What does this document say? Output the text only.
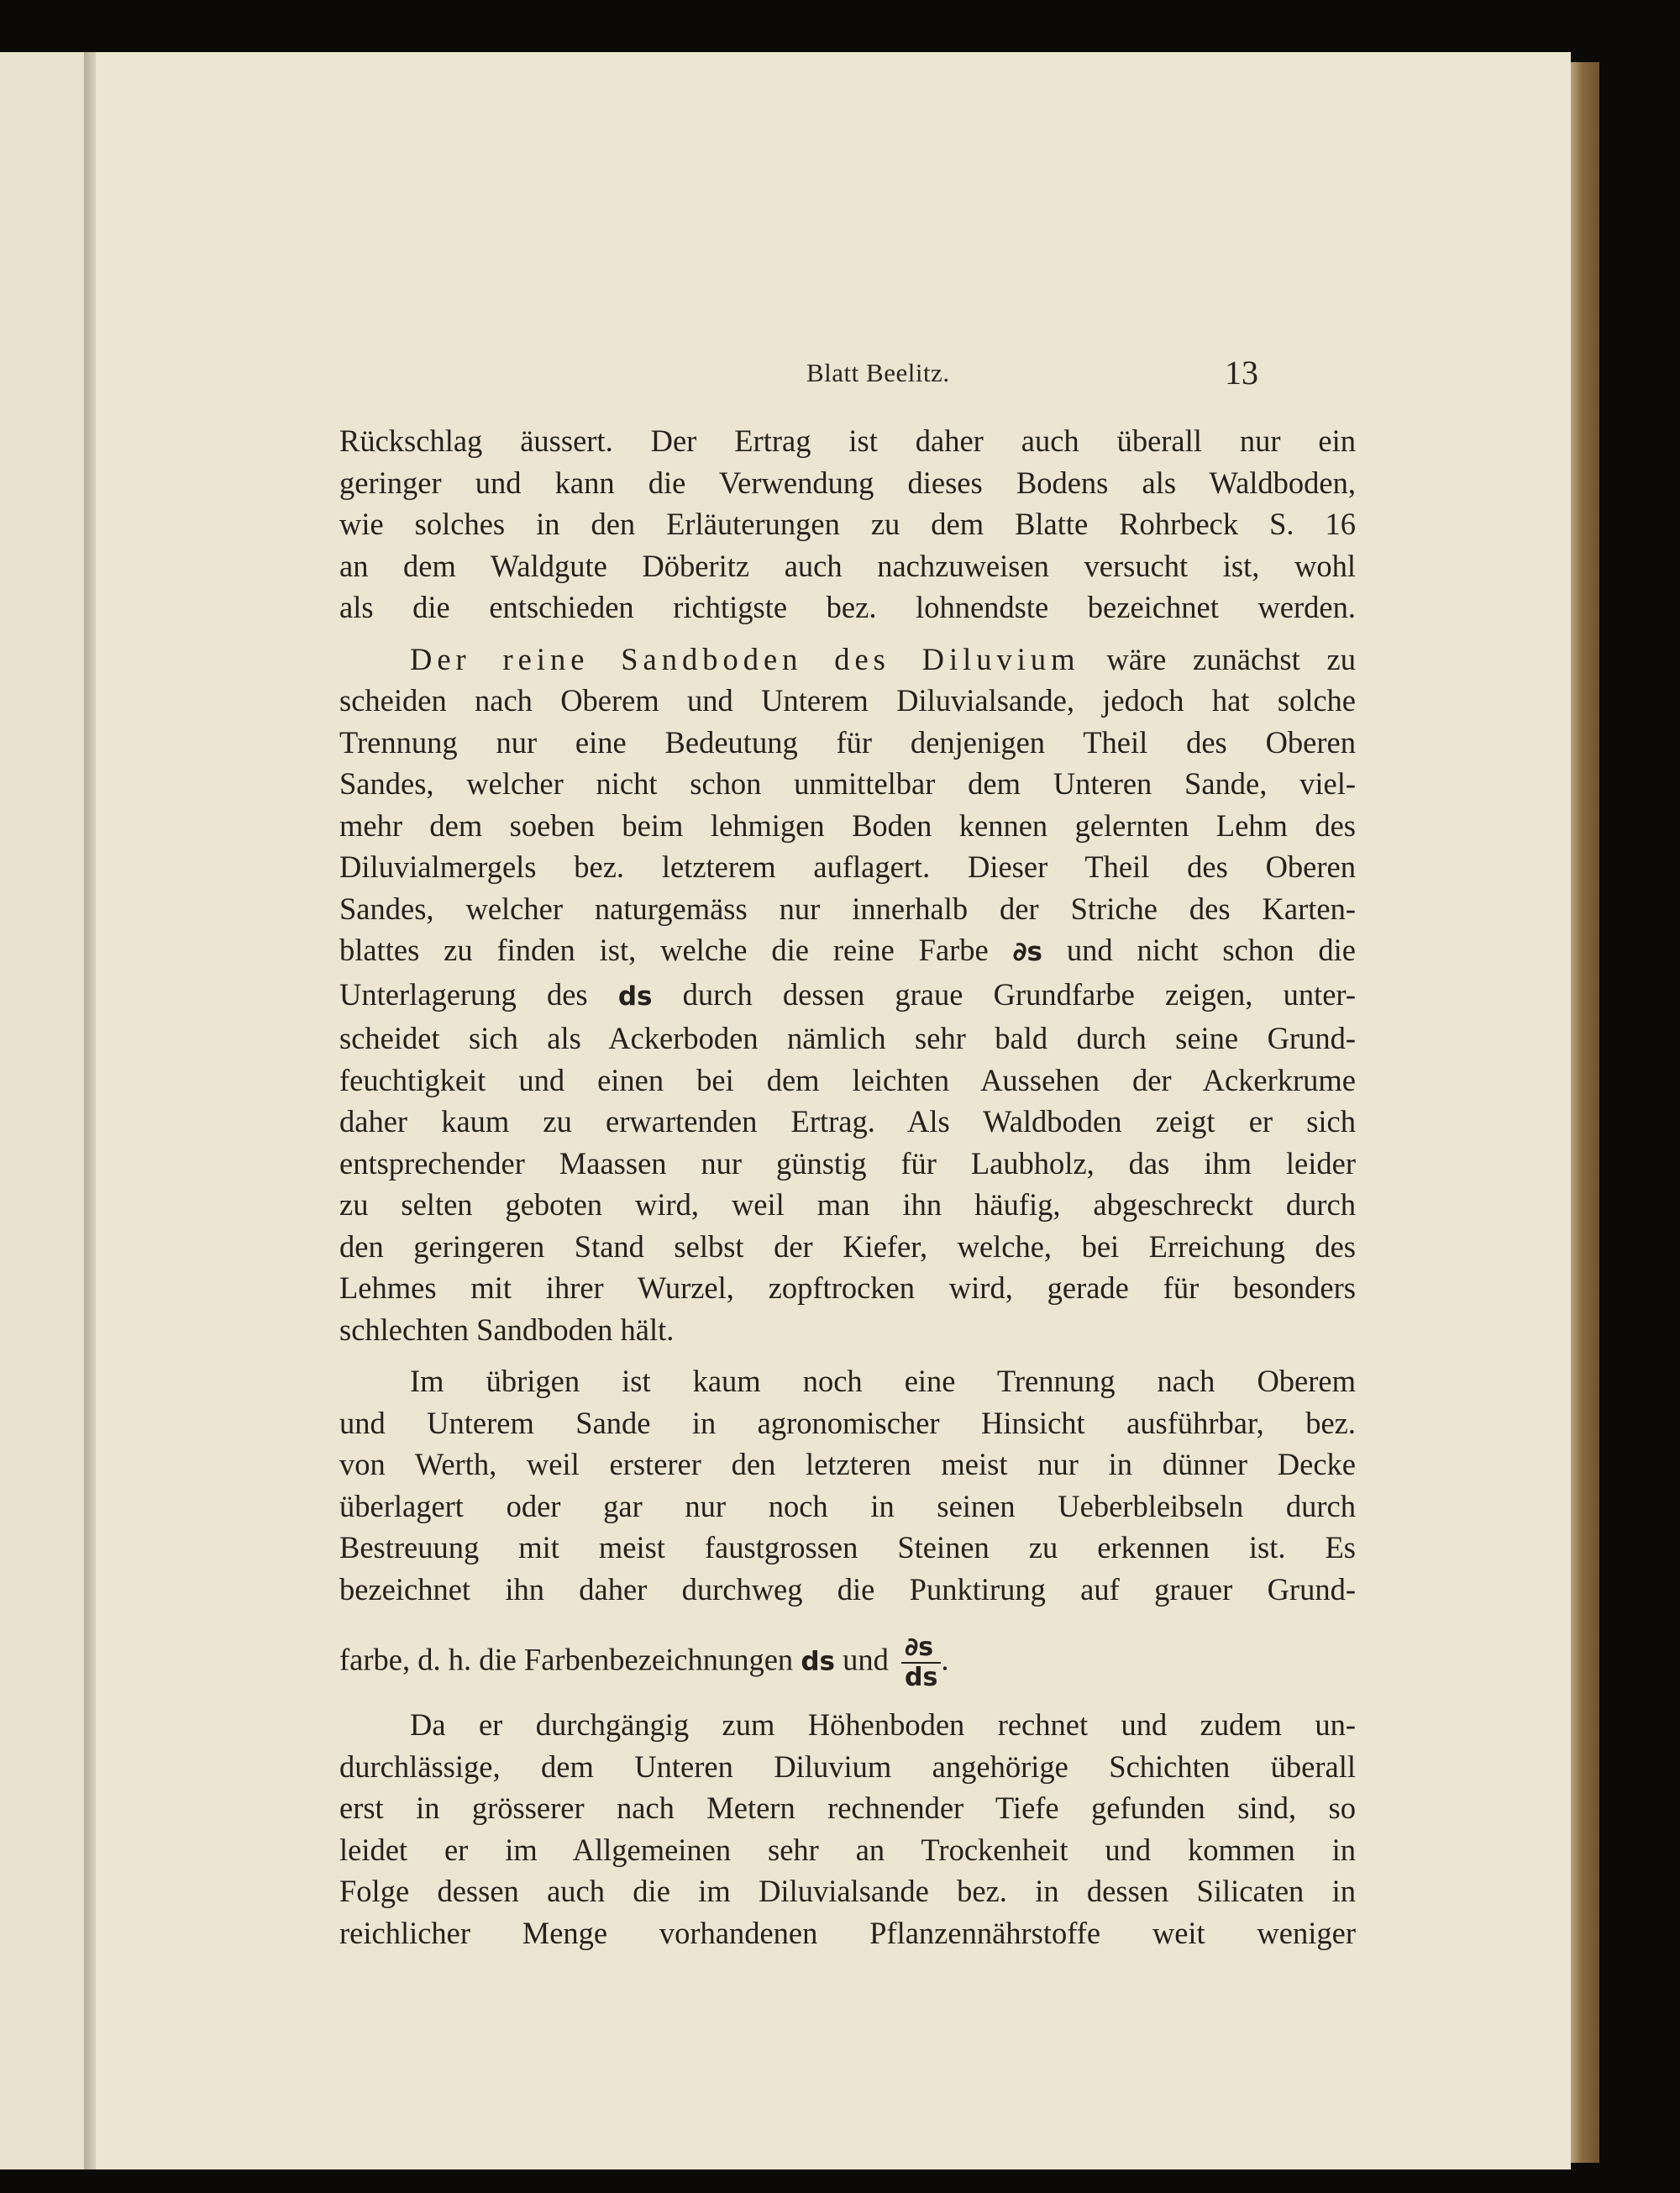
Blatt Beelitz.	13
Rückschlag äussert. Der Ertrag ist daher auch überall nur ein
geringer und kann die Verwendung dieses Bodens als Waldboden,
wie solches in den Erläuterungen zu dem Blatte Rohrbeck S. 16
an dem Waldgute Döberitz auch nachzuweisen versucht ist, wohl
als die entschieden richtigste bez. lohnendste bezeichnet werden.
Der reine Sandboden des Diluvium wäre zunächst zu
scheiden nach Oberem und Unterem Diluvialsande, jedoch hat solche
Trennung nur eine Bedeutung für denjenigen Theil des Oberen
Sandes, welcher nicht schon unmittelbar dem Unteren Sande, viel-
mehr dem soeben beim lehmigen Boden kennen gelernten Lehm des
Diluvialmergels bez. letzterem auflagert. Dieser Theil des Oberen
Sandes, welcher naturgemäss nur innerhalb der Striche des Karten-
blattes zu finden ist, welche die reine Farbe ∂s und nicht schon die
Unterlagerung des ds durch dessen graue Grundfarbe zeigen, unter-
scheidet sich als Ackerboden nämlich sehr bald durch seine Grund-
feuchtigkeit und einen bei dem leichten Aussehen der Ackerkrume
daher kaum zu erwartenden Ertrag. Als Waldboden zeigt er sich
entsprechender Maassen nur günstig für Laubholz, das ihm leider
zu selten geboten wird, weil man ihn häufig, abgeschreckt durch
den geringeren Stand selbst der Kiefer, welche, bei Erreichung des
Lehmes mit ihrer Wurzel, zopftrocken wird, gerade für besonders
schlechten Sandboden hält.
Im übrigen ist kaum noch eine Trennung nach Oberem
und Unterem Sande in agronomischer Hinsicht ausführbar, bez.
von Werth, weil ersterer den letzteren meist nur in dünner Decke
überlagert oder gar nur noch in seinen Ueberbleibseln durch
Bestreuung mit meist faustgrossen Steinen zu erkennen ist. Es
bezeichnet ihn daher durchweg die Punktirung auf grauer Grund-
farbe, d. h. die Farbenbezeichnungen ds und $\frac{\partial s}{ds}$ .
Da er durchgängig zum Höhenboden rechnet und zudem un-
durchlässige, dem Unteren Diluvium angehörige Schichten überall
erst in grösserer nach Metern rechnender Tiefe gefunden sind, so
leidet er im Allgemeinen sehr an Trockenheit und kommen in
Folge dessen auch die im Diluvialsande bez. in dessen Silicaten in
reichlicher Menge vorhandenen Pflanzennährstoffe weit weniger
